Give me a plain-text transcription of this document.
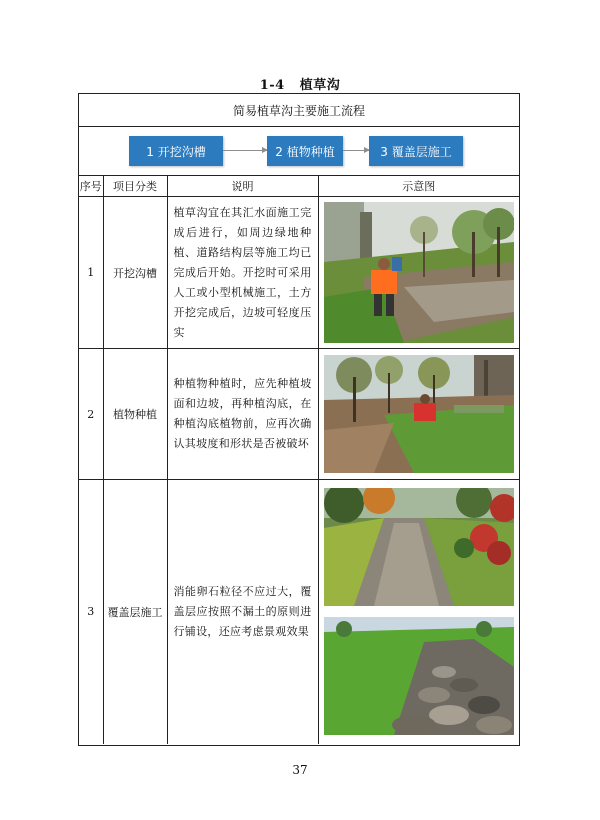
1-4 植草沟
简易植草沟主要施工流程
1 开挖沟槽	2 植物种植	3 覆盖层施工
序号	项目分类	说明	示意图
1	开挖沟槽	植草沟宜在其汇水面施工完成后进行，如周边绿地种植、道路结构层等施工均已完成后开始。开挖时可采用人工或小型机械施工，土方开挖完成后，边坡可轻度压实	

2	植物种植	种植物种植时，应先种植坡面和边坡，再种植沟底，在种植沟底植物前，应再次确认其坡度和形状是否被破坏	

3	覆盖层施工	消能卵石粒径不应过大，覆盖层应按照不漏土的原则进行铺设，还应考虑景观效果	
37
